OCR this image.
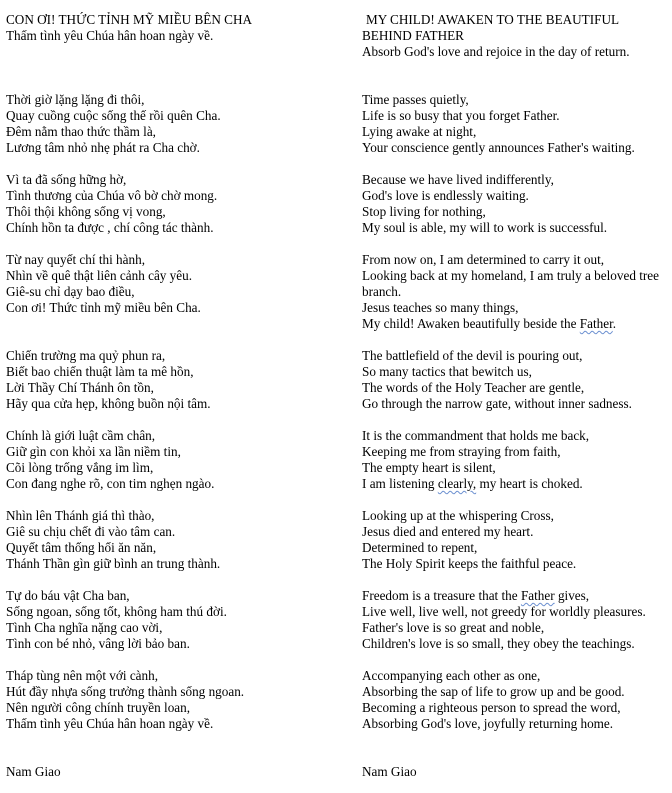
CON ƠI! THỨC TỈNH MỸ MIỀU BÊN CHA
Thấm tình yêu Chúa hân hoan ngày về.
Thời giờ lặng lặng đi thôi,
Quay cuồng cuộc sống thế rồi quên Cha.
Đêm nằm thao thức thầm là,
Lương tâm nhỏ nhẹ phát ra Cha chờ.
Vì ta đã sống hững hờ,
Tình thương của Chúa vô bờ chờ mong.
Thôi thội không sống vị vong,
Chính hồn ta được , chí công tác thành.
Từ nay quyết chí thi hành,
Nhìn về quê thật liên cảnh cây yêu.
Giê-su chỉ dạy bao điều,
Con ơi! Thức tỉnh mỹ miều bên Cha.
Chiến trường ma quỷ phun ra,
Biết bao chiến thuật làm ta mê hồn,
Lời Thầy Chí Thánh ôn tồn,
Hãy qua cửa hẹp, không buồn nội tâm.
Chính là giới luật cầm chân,
Giữ gìn con khỏi xa lần niềm tin,
Cõi lòng trống vắng im lìm,
Con đang nghe rõ, con tim nghẹn ngào.
Nhìn lên Thánh giá thì thào,
Giê su chịu chết đi vào tâm can.
Quyết tâm thống hối ăn năn,
Thánh Thần gìn giữ bình an trung thành.
Tự do báu vật Cha ban,
Sống ngoan, sống tốt, không ham thú đời.
Tình Cha nghĩa nặng cao vời,
Tình con bé nhỏ, vâng lời bảo ban.
Tháp tùng nên một với cành,
Hút đầy nhựa sống trưởng thành sống ngoan.
Nên người công chính truyền loan,
Thấm tình yêu Chúa hân hoan ngày về.
Nam Giao
MY CHILD! AWAKEN TO THE BEAUTIFUL
BEHIND FATHER
Absorb God's love and rejoice in the day of return.
Time passes quietly,
Life is so busy that you forget Father.
Lying awake at night,
Your conscience gently announces Father's waiting.
Because we have lived indifferently,
God's love is endlessly waiting.
Stop living for nothing,
My soul is able, my will to work is successful.
From now on, I am determined to carry it out,
Looking back at my homeland, I am truly a beloved tree branch.
Jesus teaches so many things,
My child! Awaken beautifully beside the Father.
The battlefield of the devil is pouring out,
So many tactics that bewitch us,
The words of the Holy Teacher are gentle,
Go through the narrow gate, without inner sadness.
It is the commandment that holds me back,
Keeping me from straying from faith,
The empty heart is silent,
I am listening clearly, my heart is choked.
Looking up at the whispering Cross,
Jesus died and entered my heart.
Determined to repent,
The Holy Spirit keeps the faithful peace.
Freedom is a treasure that the Father gives,
Live well, live well, not greedy for worldly pleasures.
Father's love is so great and noble,
Children's love is so small, they obey the teachings.
Accompanying each other as one,
Absorbing the sap of life to grow up and be good.
Becoming a righteous person to spread the word,
Absorbing God's love, joyfully returning home.
Nam Giao
